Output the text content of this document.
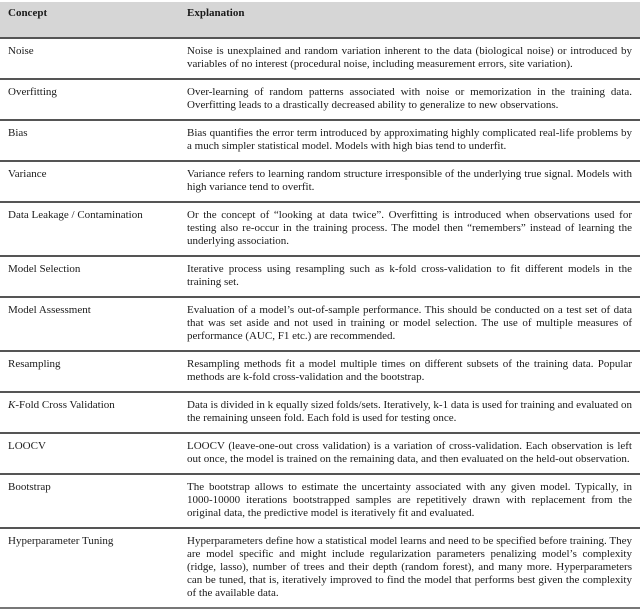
Concept	Explanation
Noise	Noise is unexplained and random variation inherent to the data (biological noise) or introduced by variables of no interest (procedural noise, including measurement errors, site variation).
Overfitting	Over-learning of random patterns associated with noise or memorization in the training data. Overfitting leads to a drastically decreased ability to generalize to new observations.
Bias	Bias quantifies the error term introduced by approximating highly complicated real-life problems by a much simpler statistical model. Models with high bias tend to underfit.
Variance	Variance refers to learning random structure irresponsible of the underlying true signal. Models with high variance tend to overfit.
Data Leakage / Contamination	Or the concept of “looking at data twice”. Overfitting is introduced when observations used for testing also re-occur in the training process. The model then “remembers” instead of learning the underlying association.
Model Selection	Iterative process using resampling such as k-fold cross-validation to fit different models in the training set.
Model Assessment	Evaluation of a model’s out-of-sample performance. This should be conducted on a test set of data that was set aside and not used in training or model selection. The use of multiple measures of performance (AUC, F1 etc.) are recommended.
Resampling	Resampling methods fit a model multiple times on different subsets of the training data. Popular methods are k-fold cross-validation and the bootstrap.
K-Fold Cross Validation	Data is divided in k equally sized folds/sets. Iteratively, k-1 data is used for training and evaluated on the remaining unseen fold. Each fold is used for testing once.
LOOCV	LOOCV (leave-one-out cross validation) is a variation of cross-validation. Each observation is left out once, the model is trained on the remaining data, and then evaluated on the held-out observation.
Bootstrap	The bootstrap allows to estimate the uncertainty associated with any given model. Typically, in 1000-10000 iterations bootstrapped samples are repetitively drawn with replacement from the original data, the predictive model is iteratively fit and evaluated.
Hyperparameter Tuning	Hyperparameters define how a statistical model learns and need to be specified before training. They are model specific and might include regularization parameters penalizing model’s complexity (ridge, lasso), number of trees and their depth (random forest), and many more. Hyperparameters can be tuned, that is, iteratively improved to find the model that performs best given the complexity of the available data.
